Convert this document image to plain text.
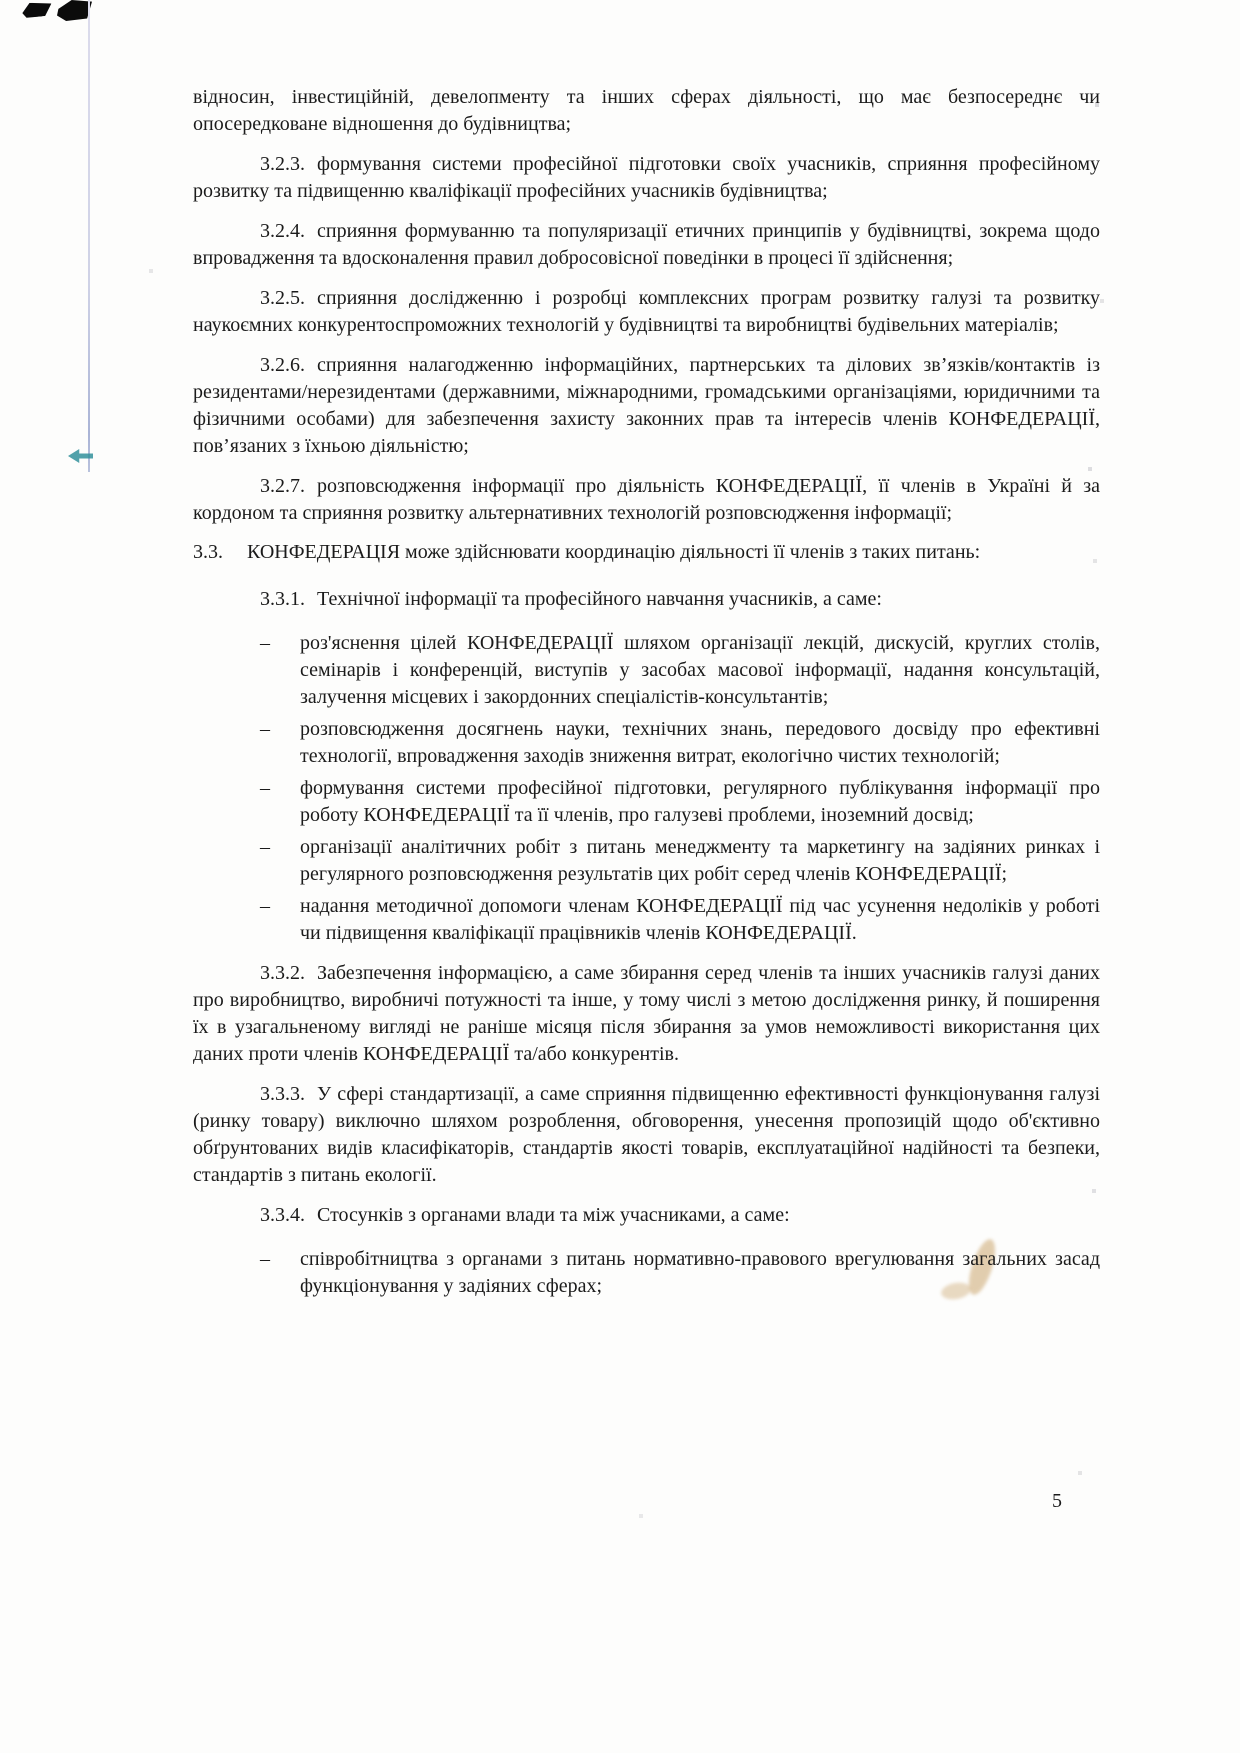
відносин, інвестиційній, девелопменту та інших сферах діяльності, що має безпосереднє чи опосередковане відношення до будівництва;

3.2.3. формування системи професійної підготовки своїх учасників, сприяння професійному розвитку та підвищенню кваліфікації професійних учасників будівництва;

3.2.4. сприяння формуванню та популяризації етичних принципів у будівництві, зокрема щодо впровадження та вдосконалення правил добросовісної поведінки в процесі її здійснення;

3.2.5. сприяння дослідженню і розробці комплексних програм розвитку галузі та розвитку наукоємних конкурентоспроможних технологій у будівництві та виробництві будівельних матеріалів;

3.2.6. сприяння налагодженню інформаційних, партнерських та ділових зв’язків/контактів із резидентами/нерезидентами (державними, міжнародними, громадськими організаціями, юридичними та фізичними особами) для забезпечення захисту законних прав та інтересів членів КОНФЕДЕРАЦІЇ, пов’язаних з їхньою діяльністю;

3.2.7. розповсюдження інформації про діяльність КОНФЕДЕРАЦІЇ, її членів в Україні й за кордоном та сприяння розвитку альтернативних технологій розповсюдження інформації;

3.3. КОНФЕДЕРАЦІЯ може здійснювати координацію діяльності її членів з таких питань:

3.3.1. Технічної інформації та професійного навчання учасників, а саме:

– роз'яснення цілей КОНФЕДЕРАЦІЇ шляхом організації лекцій, дискусій, круглих столів, семінарів і конференцій, виступів у засобах масової інформації, надання консультацій, залучення місцевих і закордонних спеціалістів-консультантів;

– розповсюдження досягнень науки, технічних знань, передового досвіду про ефективні технології, впровадження заходів зниження витрат, екологічно чистих технологій;

– формування системи професійної підготовки, регулярного публікування інформації про роботу КОНФЕДЕРАЦІЇ та її членів, про галузеві проблеми, іноземний досвід;

– організації аналітичних робіт з питань менеджменту та маркетингу на задіяних ринках і регулярного розповсюдження результатів цих робіт серед членів КОНФЕДЕРАЦІЇ;

– надання методичної допомоги членам КОНФЕДЕРАЦІЇ під час усунення недоліків у роботі чи підвищення кваліфікації працівників членів КОНФЕДЕРАЦІЇ.

3.3.2. Забезпечення інформацією, а саме збирання серед членів та інших учасників галузі даних про виробництво, виробничі потужності та інше, у тому числі з метою дослідження ринку, й поширення їх в узагальненому вигляді не раніше місяця після збирання за умов неможливості використання цих даних проти членів КОНФЕДЕРАЦІЇ та/або конкурентів.

3.3.3. У сфері стандартизації, а саме сприяння підвищенню ефективності функціонування галузі (ринку товару) виключно шляхом розроблення, обговорення, унесення пропозицій щодо об'єктивно обґрунтованих видів класифікаторів, стандартів якості товарів, експлуатаційної надійності та безпеки, стандартів з питань екології.

3.3.4. Стосунків з органами влади та між учасниками, а саме:

– співробітництва з органами з питань нормативно-правового врегулювання загальних засад функціонування у задіяних сферах;

5
